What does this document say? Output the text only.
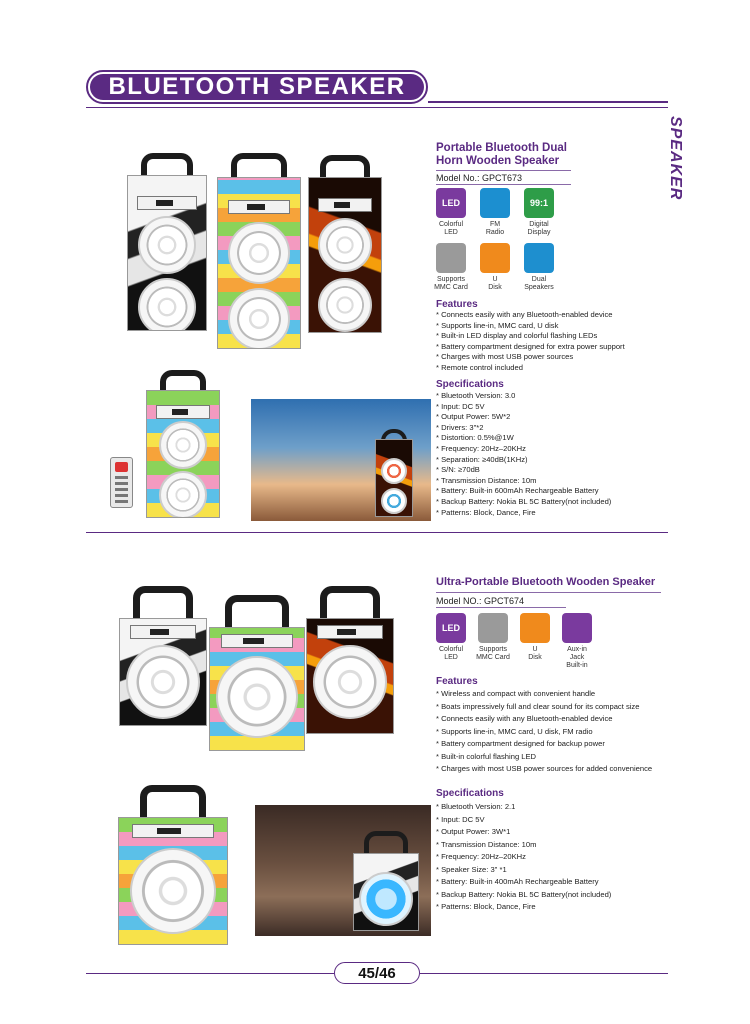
BLUETOOTH SPEAKER
SPEAKER
Portable Bluetooth Dual
Horn Wooden Speaker
Model No.: GPCT673
LED
Colorful
LED
FM
Radio
99:1
Digital
Display
Supports
MMC Card
U
Disk
Dual
Speakers
Features
* Connects easily with any Bluetooth-enabled device
* Supports line-in, MMC card, U disk
* Built-in LED display and colorful flashing LEDs
* Battery compartment designed for extra power support
* Charges with most USB power sources
* Remote control included
Specifications
* Bluetooth Version: 3.0
* Input: DC 5V
* Output Power: 5W*2
* Drivers: 3"*2
* Distortion: 0.5%@1W
* Frequency: 20Hz–20KHz
* Separation: ≥40dB(1KHz)
* S/N: ≥70dB
* Transmission Distance: 10m
* Battery: Built-in 600mAh Rechargeable Battery
* Backup Battery: Nokia BL 5C Battery(not included)
* Patterns: Block, Dance, Fire
Ultra-Portable Bluetooth Wooden Speaker
Model NO.: GPCT674
LED
Colorful
LED
Supports
MMC Card
U
Disk
Aux-in Jack
Built-in
Features
* Wireless and compact with convenient handle
* Boats impressively full and clear sound for its compact size
* Connects easily with any Bluetooth-enabled device
* Supports line-in, MMC card, U disk, FM radio
* Battery compartment designed for backup power
* Built-in colorful flashing LED
* Charges with most USB power sources for added convenience
Specifications
* Bluetooth Version: 2.1
* Input: DC 5V
* Output Power: 3W*1
* Transmission Distance: 10m
* Frequency: 20Hz–20KHz
* Speaker Size: 3" *1
* Battery: Built-in 400mAh Rechargeable Battery
* Backup Battery: Nokia BL 5C Battery(not included)
* Patterns: Block, Dance, Fire
45/46
